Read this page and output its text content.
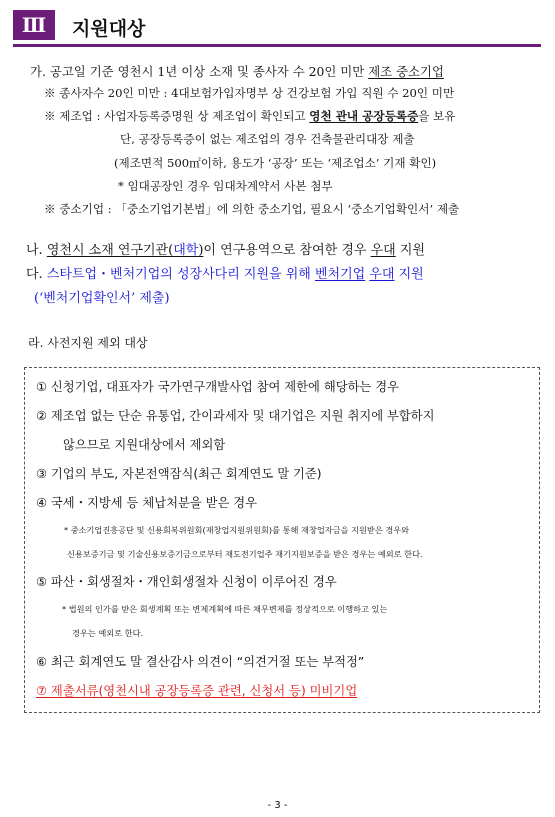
Ⅲ	지원대상
가. 공고일 기준 영천시 1년 이상 소재 및 종사자 수 20인 미만 제조 중소기업
※ 종사자수 20인 미만 : 4대보험가입자명부 상 건강보험 가입 직원 수 20인 미만
※ 제조업 : 사업자등록증명원 상 제조업이 확인되고 영천 관내 공장등록증을 보유
단, 공장등록증이 없는 제조업의 경우 건축물관리대장 제출
(제조면적 500㎡이하, 용도가 ‘공장’ 또는 ‘제조업소’ 기재 확인)
* 임대공장인 경우 임대차계약서 사본 첨부
※ 중소기업 : 「중소기업기본법」에 의한 중소기업, 필요시 ‘중소기업확인서’ 제출
나. 영천시 소재 연구기관(대학)이 연구용역으로 참여한 경우 우대 지원
다. 스타트업・벤처기업의 성장사다리 지원을 위해 벤처기업 우대 지원
(‘벤처기업확인서’ 제출)
라. 사전지원 제외 대상
① 신청기업, 대표자가 국가연구개발사업 참여 제한에 해당하는 경우
② 제조업 없는 단순 유통업, 간이과세자 및 대기업은 지원 취지에 부합하지
않으므로 지원대상에서 제외함
③ 기업의 부도, 자본전액잠식(최근 회계연도 말 기준)
④ 국세・지방세 등 체납처분을 받은 경우
* 중소기업진흥공단 및 신용회복위원회(재창업지원위원회)를 통해 재창업자금을 지원받은 경우와
신용보증기금 및 기술신용보증기금으로부터 재도전기업주 재기지원보증을 받은 경우는 예외로 한다.
⑤ 파산・회생절차・개인회생절차 신청이 이루어진 경우
* 법원의 인가를 받은 회생계획 또는 변제계획에 따른 채무변제를 정상적으로 이행하고 있는
경우는 예외로 한다.
⑥ 최근 회계연도 말 결산감사 의견이 “의견거절 또는 부적정”
⑦ 제출서류(영천시내 공장등록증 관련, 신청서 등) 미비기업
- 3 -
